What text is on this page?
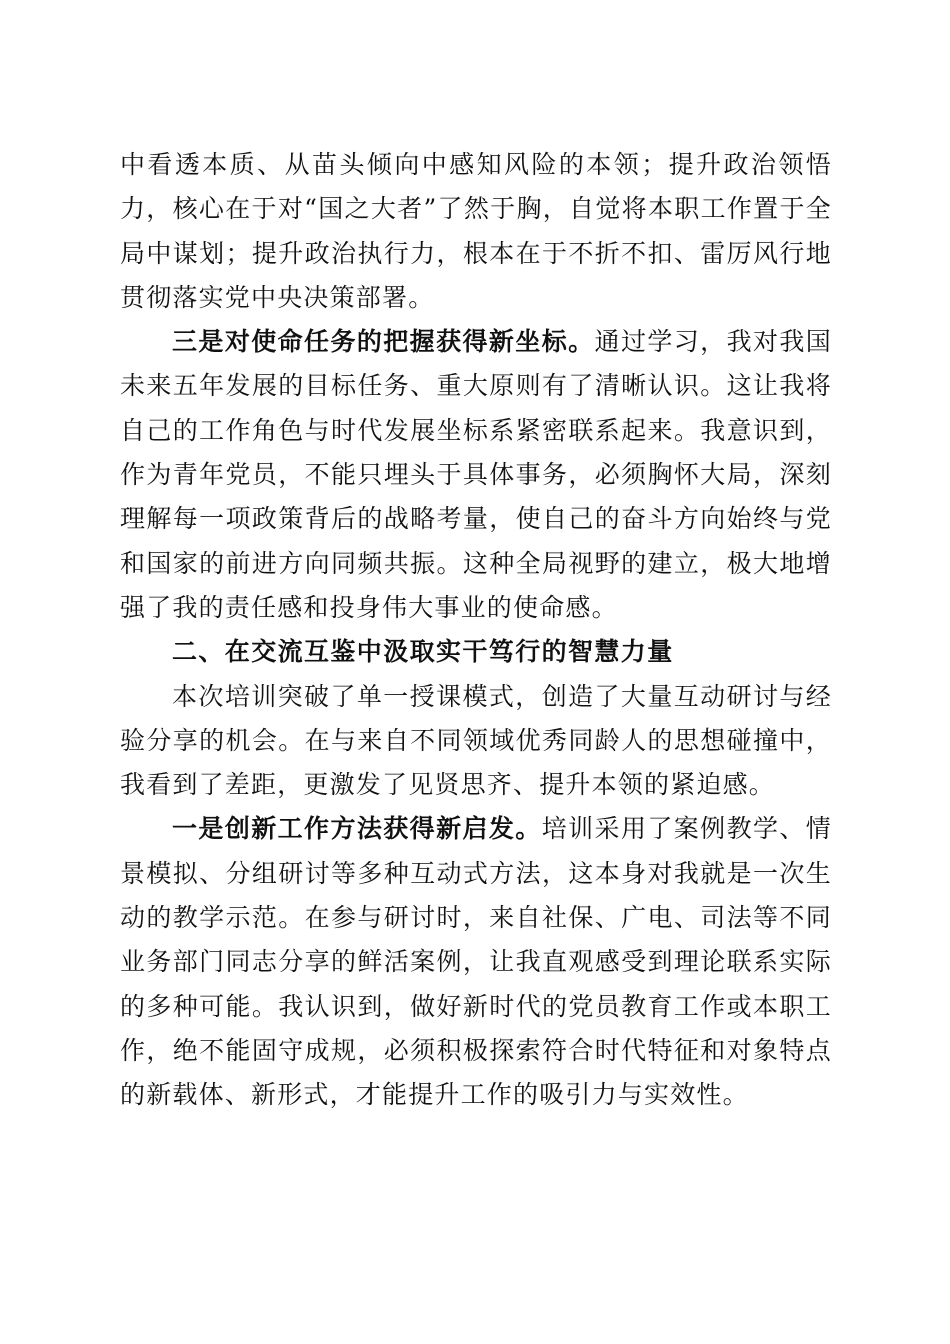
中看透本质、从苗头倾向中感知风险的本领；提升政治领悟力，核心在于对“国之大者”了然于胸，自觉将本职工作置于全局中谋划；提升政治执行力，根本在于不折不扣、雷厉风行地贯彻落实党中央决策部署。

三是对使命任务的把握获得新坐标。通过学习，我对我国未来五年发展的目标任务、重大原则有了清晰认识。这让我将自己的工作角色与时代发展坐标系紧密联系起来。我意识到，作为青年党员，不能只埋头于具体事务，必须胸怀大局，深刻理解每一项政策背后的战略考量，使自己的奋斗方向始终与党和国家的前进方向同频共振。这种全局视野的建立，极大地增强了我的责任感和投身伟大事业的使命感。

二、在交流互鉴中汲取实干笃行的智慧力量

本次培训突破了单一授课模式，创造了大量互动研讨与经验分享的机会。在与来自不同领域优秀同龄人的思想碰撞中，我看到了差距，更激发了见贤思齐、提升本领的紧迫感。

一是创新工作方法获得新启发。培训采用了案例教学、情景模拟、分组研讨等多种互动式方法，这本身对我就是一次生动的教学示范。在参与研讨时，来自社保、广电、司法等不同业务部门同志分享的鲜活案例，让我直观感受到理论联系实际的多种可能。我认识到，做好新时代的党员教育工作或本职工作，绝不能固守成规，必须积极探索符合时代特征和对象特点的新载体、新形式，才能提升工作的吸引力与实效性。
